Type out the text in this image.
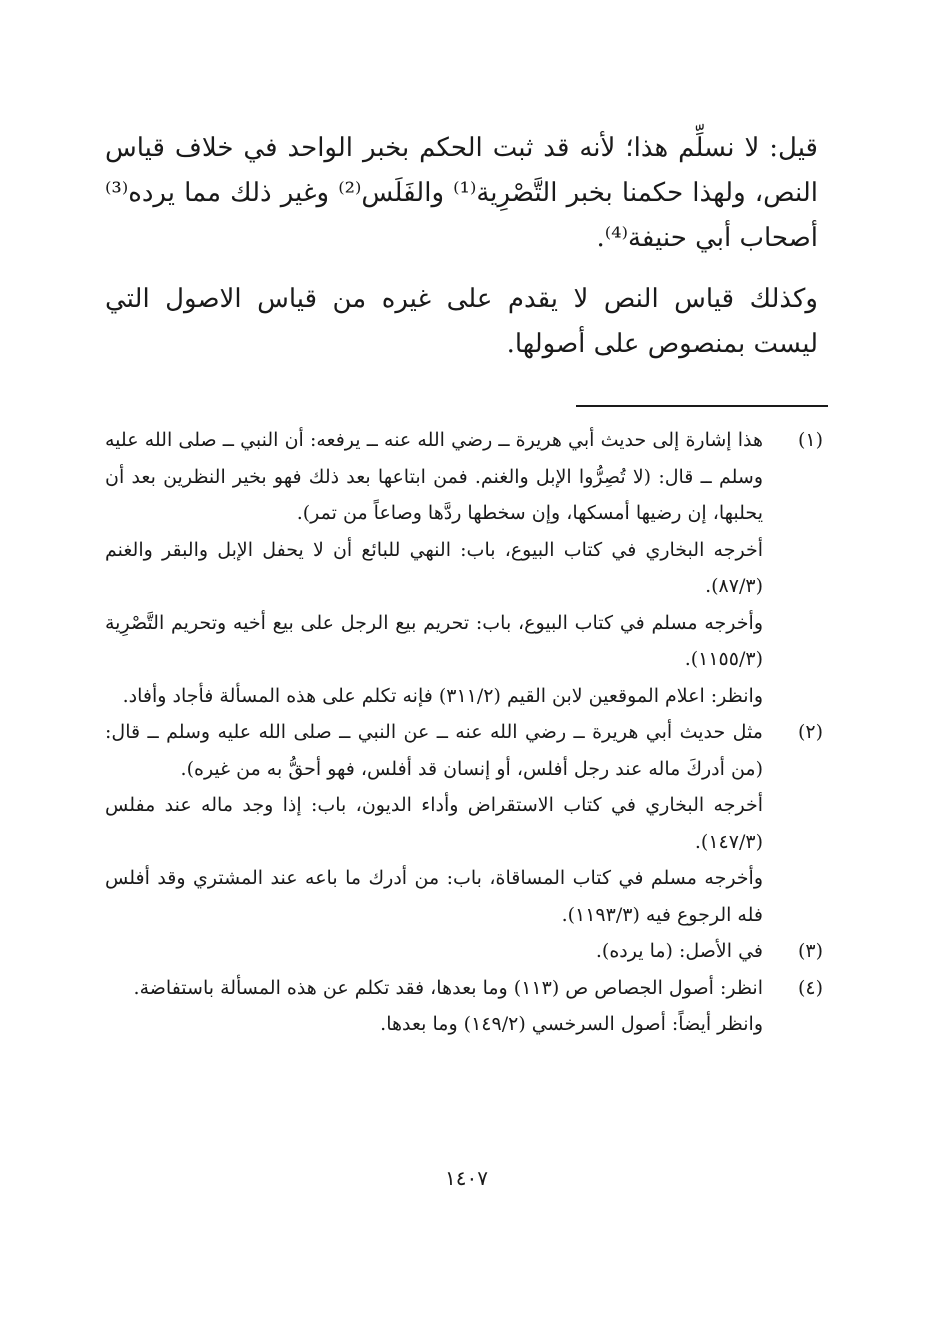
قيل: لا نسلِّم هذا؛ لأنه قد ثبت الحكم بخبر الواحد في خلاف قياس النص، ولهذا حكمنا بخبر التَّصْرِية⁽¹⁾ والفَلَس⁽²⁾ وغير ذلك مما يرده⁽³⁾ أصحاب أبي حنيفة⁽⁴⁾.

وكذلك قياس النص لا يقدم على غيره من قياس الاصول التي ليست بمنصوص على أصولها.

(١)

هذا إشارة إلى حديث أبي هريرة ــ رضي الله عنه ــ يرفعه: أن النبي ــ صلى الله عليه وسلم ــ قال: (لا تُصِرُّوا الإبل والغنم. فمن ابتاعها بعد ذلك فهو بخير النظرين بعد أن يحلبها، إن رضيها أمسكها، وإن سخطها ردَّها وصاعاً من تمر).

أخرجه البخاري في كتاب البيوع، باب: النهي للبائع أن لا يحفل الإبل والبقر والغنم (٨٧/٣).

وأخرجه مسلم في كتاب البيوع، باب: تحريم بيع الرجل على بيع أخيه وتحريم التَّصْرِية (١١٥٥/٣).

وانظر: اعلام الموقعين لابن القيم (٣١١/٢) فإنه تكلم على هذه المسألة فأجاد وأفاد.

(٢)

مثل حديث أبي هريرة ــ رضي الله عنه ــ عن النبي ــ صلى الله عليه وسلم ــ قال: (من أدركَ ماله عند رجل أفلس، أو إنسان قد أفلس، فهو أحقُّ به من غيره).

أخرجه البخاري في كتاب الاستقراض وأداء الديون، باب: إذا وجد ماله عند مفلس (١٤٧/٣).

وأخرجه مسلم في كتاب المساقاة، باب: من أدرك ما باعه عند المشتري وقد أفلس فله الرجوع فيه (١١٩٣/٣).

(٣)

في الأصل: (ما يرده).

(٤)

انظر: أصول الجصاص ص (١١٣) وما بعدها، فقد تكلم عن هذه المسألة باستفاضة.

وانظر أيضاً: أصول السرخسي (١٤٩/٢) وما بعدها.

١٤٠٧
